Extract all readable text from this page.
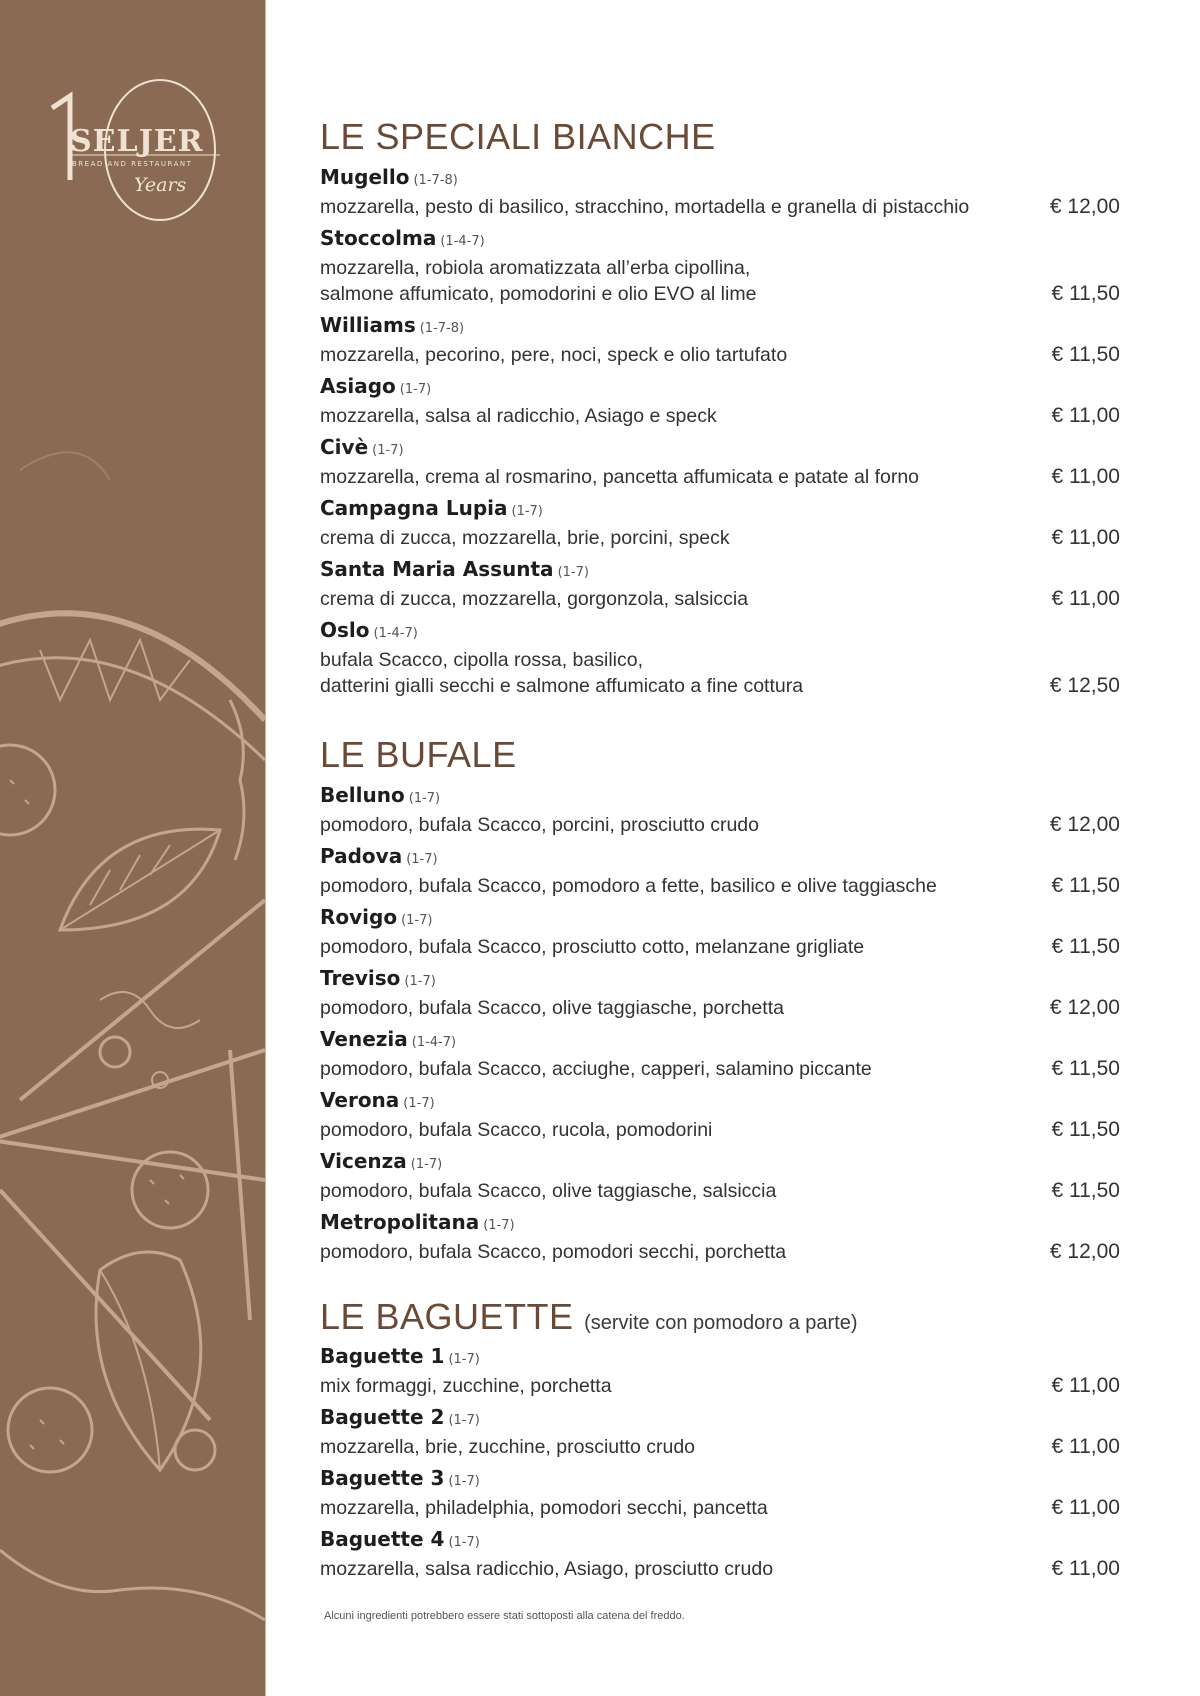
SELJER
BREAD AND RESTAURANT
Years
LE SPECIALI BIANCHE
Mugello (1-7-8)
mozzarella, pesto di basilico, stracchino, mortadella e granella di pistacchio	€ 12,00
Stoccolma (1-4-7)
mozzarella, robiola aromatizzata all’erba cipollina,
salmone affumicato, pomodorini e olio EVO al lime	€ 11,50
Williams (1-7-8)
mozzarella, pecorino, pere, noci, speck e olio tartufato	€ 11,50
Asiago (1-7)
mozzarella, salsa al radicchio, Asiago e speck	€ 11,00
Civè (1-7)
mozzarella, crema al rosmarino, pancetta affumicata e patate al forno	€ 11,00
Campagna Lupia (1-7)
crema di zucca, mozzarella, brie, porcini, speck	€ 11,00
Santa Maria Assunta (1-7)
crema di zucca, mozzarella, gorgonzola, salsiccia	€ 11,00
Oslo (1-4-7)
bufala Scacco, cipolla rossa, basilico,
datterini gialli secchi e salmone affumicato a fine cottura	€ 12,50
LE BUFALE
Belluno (1-7)
pomodoro, bufala Scacco, porcini, prosciutto crudo	€ 12,00
Padova (1-7)
pomodoro, bufala Scacco, pomodoro a fette, basilico e olive taggiasche	€ 11,50
Rovigo (1-7)
pomodoro, bufala Scacco, prosciutto cotto, melanzane grigliate	€ 11,50
Treviso (1-7)
pomodoro, bufala Scacco, olive taggiasche, porchetta	€ 12,00
Venezia (1-4-7)
pomodoro, bufala Scacco, acciughe, capperi, salamino piccante	€ 11,50
Verona (1-7)
pomodoro, bufala Scacco, rucola, pomodorini	€ 11,50
Vicenza (1-7)
pomodoro, bufala Scacco, olive taggiasche, salsiccia	€ 11,50
Metropolitana (1-7)
pomodoro, bufala Scacco, pomodori secchi, porchetta	€ 12,00
LE BAGUETTE (servite con pomodoro a parte)
Baguette 1 (1-7)
mix formaggi, zucchine, porchetta	€ 11,00
Baguette 2 (1-7)
mozzarella, brie, zucchine, prosciutto crudo	€ 11,00
Baguette 3 (1-7)
mozzarella, philadelphia, pomodori secchi, pancetta	€ 11,00
Baguette 4 (1-7)
mozzarella, salsa radicchio, Asiago, prosciutto crudo	€ 11,00
Alcuni ingredienti potrebbero essere stati sottoposti alla catena del freddo.
